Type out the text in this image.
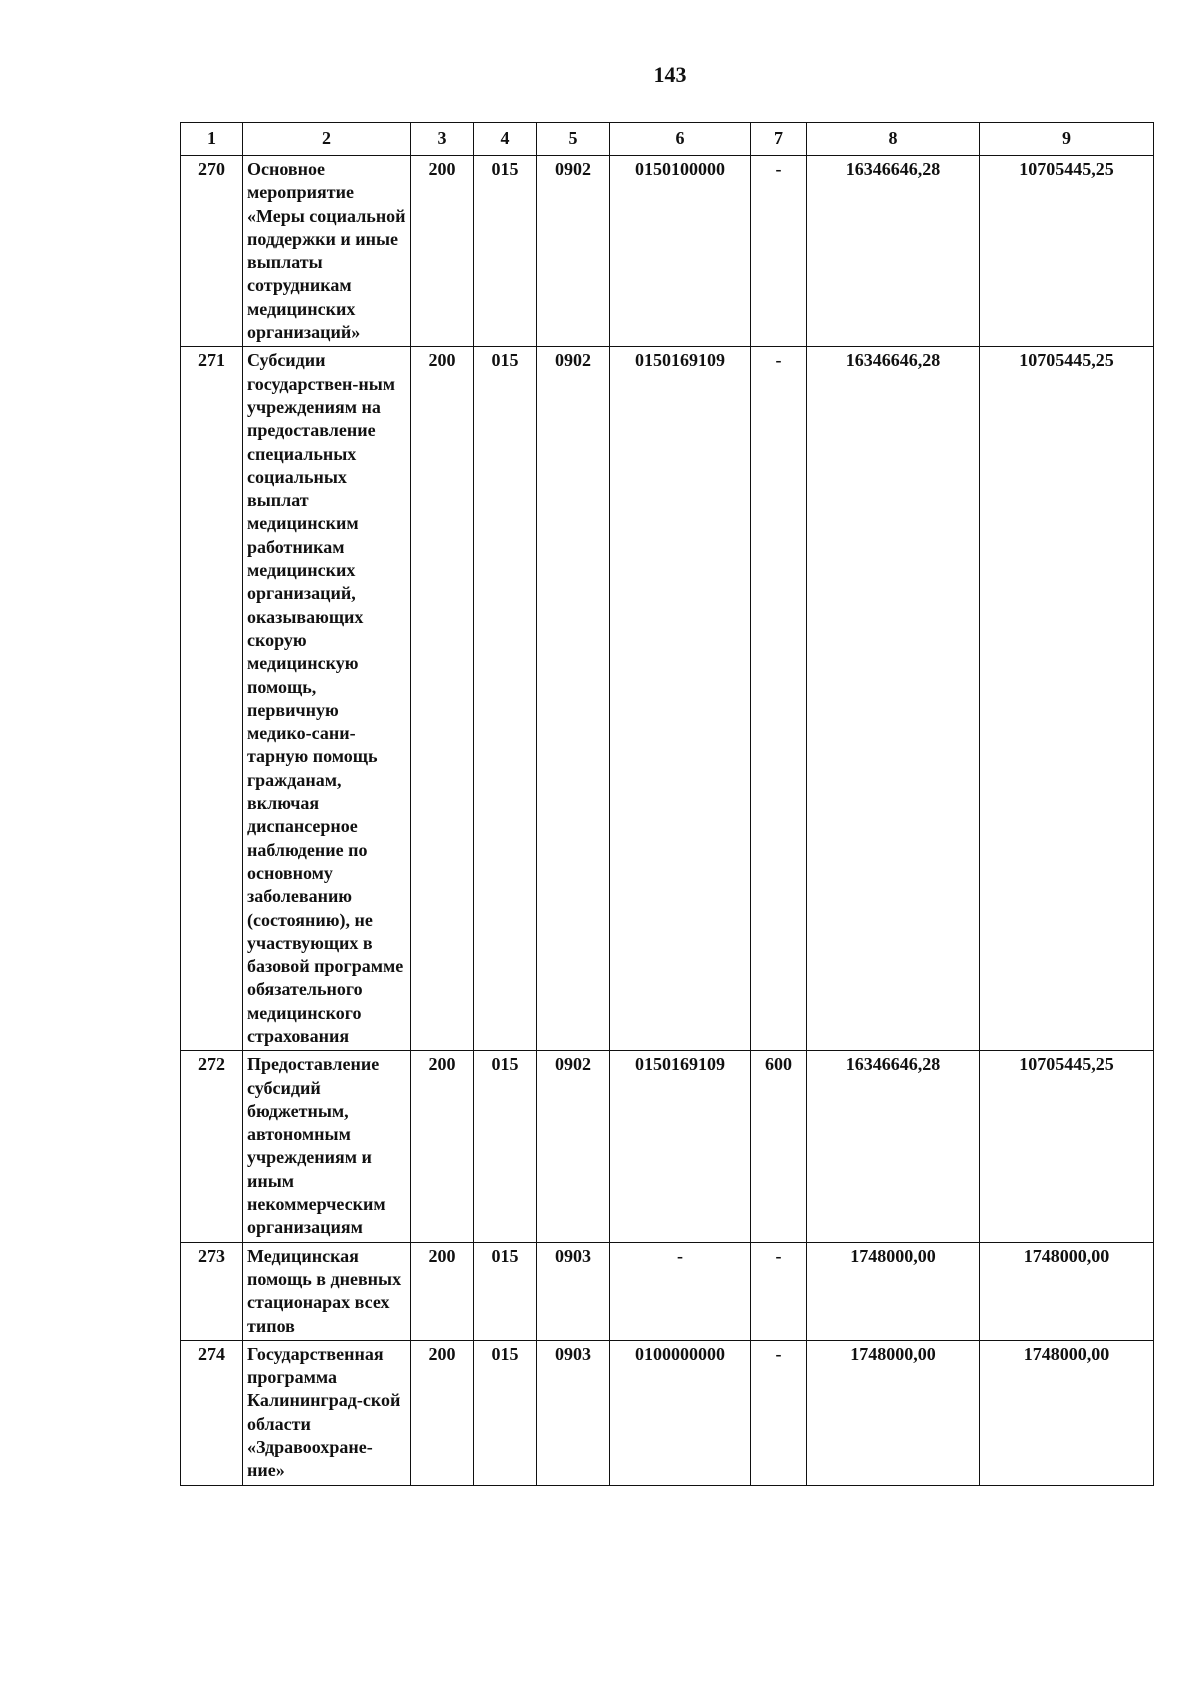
143
1	2	3	4	5	6	7	8	9
270	Основное мероприятие «Меры социальной поддержки и иные выплаты сотрудникам медицинских организаций»	200	015	0902	0150100000	-	16346646,28	10705445,25
271	Субсидии государствен-ным учреждениям на предоставление специальных социальных выплат медицинским работникам медицинских организаций, оказывающих скорую медицинскую помощь, первичную медико-сани-тарную помощь гражданам, включая диспансерное наблюдение по основному заболеванию (состоянию), не участвующих в базовой программе обязательного медицинского страхования	200	015	0902	0150169109	-	16346646,28	10705445,25
272	Предоставление субсидий бюджетным, автономным учреждениям и иным некоммерческим организациям	200	015	0902	0150169109	600	16346646,28	10705445,25
273	Медицинская помощь в дневных стационарах всех типов	200	015	0903	-	-	1748000,00	1748000,00
274	Государственная программа Калининград-ской области «Здравоохране-ние»	200	015	0903	0100000000	-	1748000,00	1748000,00
